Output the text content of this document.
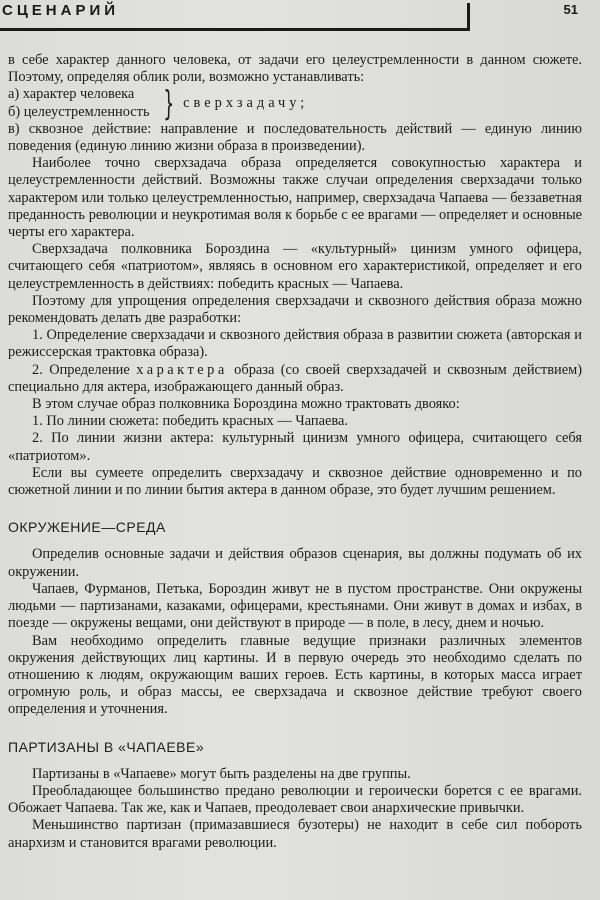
СЦЕНАРИЙ	51

в себе характер данного человека, от задачи его целеустремленности в данном сюжете. Поэтому, определяя облик роли, возможно устанавливать:

а) характер человека
б) целеустремленность } сверхзадачу;

в) сквозное действие: направление и последовательность действий — единую линию поведения (единую линию жизни образа в произведении).

Наиболее точно сверхзадача образа определяется совокупностью характера и целеустремленности действий. Возможны также случаи определения сверхзадачи только характером или только целеустремленностью, например, сверхзадача Чапаева — беззаветная преданность революции и неукротимая воля к борьбе с ее врагами — определяет и основные черты его характера.

Сверхзадача полковника Бороздина — «культурный» цинизм умного офицера, считающего себя «патриотом», являясь в основном его характеристикой, определяет и его целеустремленность в действиях: победить красных — Чапаева.

Поэтому для упрощения определения сверхзадачи и сквозного действия образа можно рекомендовать делать две разработки:

1. Определение сверхзадачи и сквозного действия образа в развитии сюжета (авторская и режиссерская трактовка образа).

2. Определение характера образа (со своей сверхзадачей и сквозным действием) специально для актера, изображающего данный образ.

В этом случае образ полковника Бороздина можно трактовать двояко:

1. По линии сюжета: победить красных — Чапаева.

2. По линии жизни актера: культурный цинизм умного офицера, считающего себя «патриотом».

Если вы сумеете определить сверхзадачу и сквозное действие одновременно и по сюжетной линии и по линии бытия актера в данном образе, это будет лучшим решением.

ОКРУЖЕНИЕ—СРЕДА

Определив основные задачи и действия образов сценария, вы должны подумать об их окружении.

Чапаев, Фурманов, Петька, Бороздин живут не в пустом пространстве. Они окружены людьми — партизанами, казаками, офицерами, крестьянами. Они живут в домах и избах, в поезде — окружены вещами, они действуют в природе — в поле, в лесу, днем и ночью.

Вам необходимо определить главные ведущие признаки различных элементов окружения действующих лиц картины. И в первую очередь это необходимо сделать по отношению к людям, окружающим ваших героев. Есть картины, в которых масса играет огромную роль, и образ массы, ее сверхзадача и сквозное действие требуют своего определения и уточнения.

ПАРТИЗАНЫ В «ЧАПАЕВЕ»

Партизаны в «Чапаеве» могут быть разделены на две группы.

Преобладающее большинство предано революции и героически борется с ее врагами. Обожает Чапаева. Так же, как и Чапаев, преодолевает свои анархические привычки.

Меньшинство партизан (примазавшиеся бузотеры) не находит в себе сил побороть анархизм и становится врагами революции.
